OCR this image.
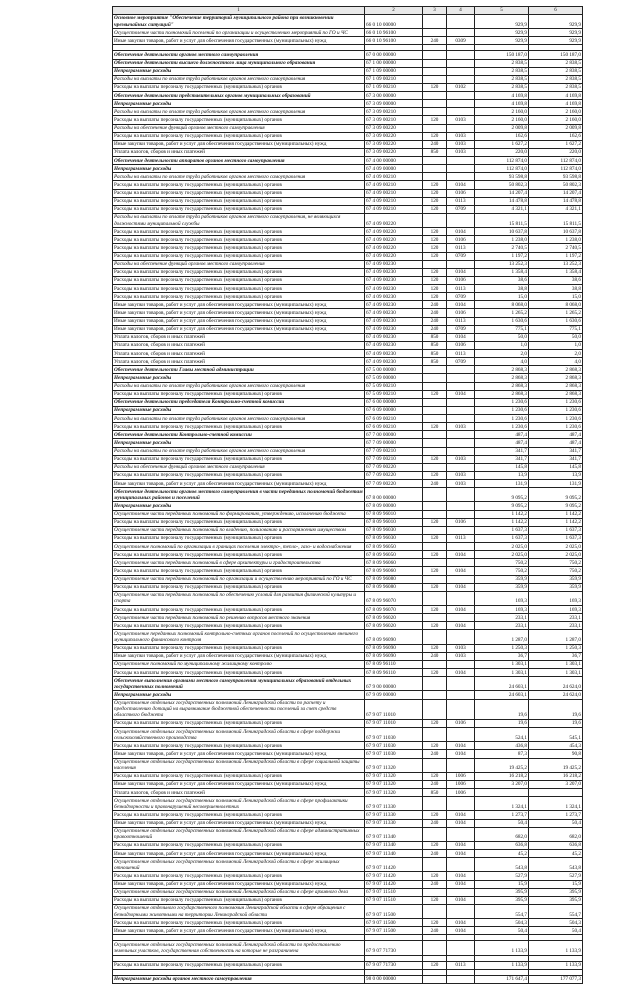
1	2	3	4	5	6
Основное мероприятие "Обеспечение территорий муниципального района при возникновении чрезвычайных ситуаций"	66 0 10 00000			929,9	929,9
Осуществление части полномочий поселений по организации и осуществлению мероприятий по ГО и ЧС	66 0 10 96100			929,9	929,9
Иные закупки товаров, работ и услуг для обеспечения государственных (муниципальных) нужд	66 0 10 96100	240	0309	929,9	929,9

Обеспечение деятельности органов местного самоуправления	67 0 00 00000			150 187,0	150 187,0
Обеспечение деятельности высшего должностного лица муниципального образования	67 1 00 00000			2 838,5	2 838,5
Непрограммные расходы	67 1 09 00000			2 838,5	2 838,5
Расходы на выплаты по оплате труда работников органов местного самоуправления	67 1 09 00210			2 838,5	2 838,5
Расходы на выплаты персоналу государственных (муниципальных) органов	67 1 09 00210	120	0102	2 838,5	2 838,5
Обеспечение деятельности представительных органов муниципальных образований	67 3 00 00000			4 169,8	4 169,8
Непрограммные расходы	67 3 09 00000			4 169,8	4 169,8
Расходы на выплаты по оплате труда работников органов местного самоуправления	67 3 09 00210			2 160,0	2 160,0
Расходы на выплаты персоналу государственных (муниципальных) органов	67 3 09 00210	120	0103	2 160,0	2 160,0
Расходы на обеспечение функций органов местного самоуправления	67 3 09 00220			2 009,8	2 009,8
Расходы на выплаты персоналу государственных (муниципальных) органов	67 3 09 00220	120	0103	162,6	162,6
Иные закупки товаров, работ и услуг для обеспечения государственных (муниципальных) нужд	67 3 09 00220	240	0103	1 627,2	1 627,2
Уплата налогов, сборов и иных платежей	67 3 09 00220	850	0103	220,0	220,0
Обеспечение деятельности аппаратов органов местного самоуправления	67 4 00 00000			112 874,0	112 874,0
Непрограммные расходы	67 4 09 00000			112 874,0	112 874,0
Расходы на выплаты по оплате труда работников органов местного самоуправления	67 4 09 00210			93 598,8	93 598,8
Расходы на выплаты персоналу государственных (муниципальных) органов	67 4 09 00210	120	0104	50 802,3	50 802,3
Расходы на выплаты персоналу государственных (муниципальных) органов	67 4 09 00210	120	0106	14 207,4	14 207,4
Расходы на выплаты персоналу государственных (муниципальных) органов	67 4 09 00210	120	0113	14 478,8	14 478,8
Расходы на выплаты персоналу государственных (муниципальных) органов	67 4 09 00210	120	0709	4 321,1	4 321,1
Расходы на выплаты по оплате труда работников органов местного самоуправления, не являющихся должностями муниципальной службы	67 4 09 00220			15 811,5	15 811,5
Расходы на выплаты персоналу государственных (муниципальных) органов	67 4 09 00220	120	0104	10 637,8	10 637,8
Расходы на выплаты персоналу государственных (муниципальных) органов	67 4 09 00220	120	0106	1 238,0	1 238,0
Расходы на выплаты персоналу государственных (муниципальных) органов	67 4 09 00220	120	0113	2 740,5	2 740,5
Расходы на выплаты персоналу государственных (муниципальных) органов	67 4 09 00220	120	0709	1 197,2	1 197,2
Расходы на обеспечение функций органов местного самоуправления	67 4 09 00230			13 252,3	13 252,3
Расходы на выплаты персоналу государственных (муниципальных) органов	67 4 09 00230	120	0104	1 358,4	1 358,4
Расходы на выплаты персоналу государственных (муниципальных) органов	67 4 09 00230	120	0106	38,6	38,6
Расходы на выплаты персоналу государственных (муниципальных) органов	67 4 09 00230	120	0113	38,8	38,8
Расходы на выплаты персоналу государственных (муниципальных) органов	67 4 09 00230	120	0709	15,0	15,0
Иные закупки товаров, работ и услуг для обеспечения государственных (муниципальных) нужд	67 4 09 00230	240	0104	8 068,0	8 068,0
Иные закупки товаров, работ и услуг для обеспечения государственных (муниципальных) нужд	67 4 09 00230	240	0106	1 265,2	1 265,2
Иные закупки товаров, работ и услуг для обеспечения государственных (муниципальных) нужд	67 4 09 00230	240	0113	1 630,6	1 630,6
Иные закупки товаров, работ и услуг для обеспечения государственных (муниципальных) нужд	67 4 09 00230	240	0709	775,1	775,1
Уплата налогов, сборов и иных платежей	67 4 09 00230	850	0104	50,0	50,0
Уплата налогов, сборов и иных платежей	67 4 09 00230	850	0106	1,0	1,0
Уплата налогов, сборов и иных платежей	67 4 09 00230	850	0113	2,0	2,0
Уплата налогов, сборов и иных платежей	67 4 09 00230	850	0709	4,0	4,0
Обеспечение деятельности Главы местной администрации	67 5 00 00000			2 868,3	2 868,3
Непрограммные расходы	67 5 09 00000			2 868,3	2 868,3
Расходы на выплаты по оплате труда работников органов местного самоуправления	67 5 09 00210			2 868,3	2 868,3
Расходы на выплаты персоналу государственных (муниципальных) органов	67 5 09 00210	120	0104	2 868,3	2 868,3
Обеспечение деятельности председателя Контрольно-счетной комиссии	67 6 00 00000			1 230,6	1 230,6
Непрограммные расходы	67 6 09 00000			1 230,6	1 230,6
Расходы на выплаты по оплате труда работников органов местного самоуправления	67 6 09 00210			1 230,6	1 230,6
Расходы на выплаты персоналу государственных (муниципальных) органов	67 6 09 00210	120	0103	1 230,6	1 230,6
Обеспечение деятельности Контрольно-счетной комиссии	67 7 00 00000			487,4	487,4
Непрограммные расходы	67 7 09 00000			487,4	487,4
Расходы на выплаты по оплате труда работников органов местного самоуправления	67 7 09 00210			341,7	341,7
Расходы на выплаты персоналу государственных (муниципальных) органов	67 7 09 00210	120	0103	341,7	341,7
Расходы на обеспечение функций органов местного самоуправления	67 7 09 00220			145,8	145,8
Расходы на выплаты персоналу государственных (муниципальных) органов	67 7 09 00220	120	0103	13,9	13,9
Иные закупки товаров, работ и услуг для обеспечения государственных (муниципальных) нужд	67 7 09 00220	240	0103	131,9	131,9
Обеспечение деятельности органов местного самоуправления в части переданных полномочий бюджетам муниципальных районов и поселений	67 8 00 00000			9 095,2	9 095,2
Непрограммные расходы	67 8 09 00000			9 095,2	9 095,2
Осуществление части переданных полномочий по формированию, утверждению, исполнению бюджета	67 8 09 96010			1 142,2	1 142,2
Расходы на выплаты персоналу государственных (муниципальных) органов	67 8 09 96010	120	0106	1 142,2	1 142,2
Осуществление части переданных полномочий по владению, пользованию и распоряжению имуществом	67 8 09 96030			1 637,3	1 637,3
Расходы на выплаты персоналу государственных (муниципальных) органов	67 8 09 96030	120	0113	1 637,3	1 637,3
Осуществление полномочий по организации в границах поселения электро-, тепло-, газо- и водоснабжения	67 8 09 96050			2 025,0	2 025,0
Расходы на выплаты персоналу государственных (муниципальных) органов	67 8 09 96050	120	0104	2 025,0	2 025,0
Осуществление части переданных полномочий в сфере архитектуры и градостроительства	67 8 09 96060			750,2	750,2
Расходы на выплаты персоналу государственных (муниципальных) органов	67 8 09 96060	120	0104	750,2	750,2
Осуществление части переданных полномочий по организации и осуществлению мероприятий по ГО и ЧС	67 8 09 96080			359,9	359,9
Расходы на выплаты персоналу государственных (муниципальных) органов	67 8 09 96080	120	0104	359,9	359,9
Осуществление части переданных полномочий по обеспечению условий для развития физической культуры и спорта	67 8 09 96070			169,3	169,3
Расходы на выплаты персоналу государственных (муниципальных) органов	67 8 09 96070	120	0104	169,3	169,3
Осуществление части переданных полномочий по решению вопросов местного значения	67 8 09 96020			233,1	233,1
Расходы на выплаты персоналу государственных (муниципальных) органов	67 8 09 96020	120	0104	233,1	233,1
Осуществление переданных полномочий контрольно-счетных органов поселений по осуществлению внешнего муниципального финансового контроля	67 8 09 96090			1 287,0	1 287,0
Расходы на выплаты персоналу государственных (муниципальных) органов	67 8 09 96090	120	0103	1 250,3	1 250,3
Иные закупки товаров, работ и услуг для обеспечения государственных (муниципальных) нужд	67 8 09 96090	240	0103	36,7	36,7
Осуществление полномочий по муниципальному жилищному контролю	67 8 09 96110			1 303,1	1 303,1
Расходы на выплаты персоналу государственных (муниципальных) органов	67 8 09 96110	120	0104	1 303,1	1 303,1
Обеспечение выполнения органами местного самоуправления муниципальных образований отдельных государственных полномочий	67 9 00 00000			24 603,1	24 624,0
Непрограммные расходы	67 9 09 00000			24 603,1	24 624,0
Осуществление отдельных государственных полномочий Ленинградской области по расчету и предоставлению дотаций на выравнивание бюджетной обеспеченности поселений за счет средств областного бюджета	67 9 07 11010			19,6	19,6
Расходы на выплаты персоналу государственных (муниципальных) органов	67 9 07 11010	120	0106	19,6	19,6
Осуществление отдельных государственных полномочий Ленинградской области в сфере поддержки сельскохозяйственного производства	67 9 07 11030			524,1	545,1
Расходы на выплаты персоналу государственных (муниципальных) органов	67 9 07 11030	120	0104	436,8	454,3
Иные закупки товаров, работ и услуг для обеспечения государственных (муниципальных) нужд	67 9 07 11030	240	0104	87,3	90,8
Осуществление отдельных государственных полномочий Ленинградской области в сфере социальной защиты населения	67 9 07 11320			19 425,2	19 425,2
Расходы на выплаты персоналу государственных (муниципальных) органов	67 9 07 11320	120	1006	16 218,2	16 218,2
Иные закупки товаров, работ и услуг для обеспечения государственных (муниципальных) нужд	67 9 07 11320	240	1006	3 207,0	3 207,0
Уплата налогов, сборов и иных платежей	67 9 07 11320	850	1006		
Осуществление отдельных государственных полномочий Ленинградской области в сфере профилактики безнадзорности и правонарушений несовершеннолетних	67 9 07 11330			1 324,1	1 324,1
Расходы на выплаты персоналу государственных (муниципальных) органов	67 9 07 11330	120	0104	1 273,7	1 273,7
Иные закупки товаров, работ и услуг для обеспечения государственных (муниципальных) нужд	67 9 07 11330	240	0104	50,4	50,4
Осуществление отдельных государственных полномочий Ленинградской области в сфере административных правоотношений	67 9 07 11340			682,0	682,0
Расходы на выплаты персоналу государственных (муниципальных) органов	67 9 07 11340	120	0104	636,8	636,8
Иные закупки товаров, работ и услуг для обеспечения государственных (муниципальных) нужд	67 9 07 11340	240	0104	45,2	45,2
Осуществление отдельных государственных полномочий Ленинградской области в сфере жилищных отношений	67 9 07 11420			543,8	543,8
Расходы на выплаты персоналу государственных (муниципальных) органов	67 9 07 11420	120	0104	527,9	527,9
Иные закупки товаров, работ и услуг для обеспечения государственных (муниципальных) нужд	67 9 07 11420	240	0104	15,9	15,9
Осуществление отдельных государственных полномочий Ленинградской области в сфере архивного дела	67 9 07 11510			395,9	395,9
Расходы на выплаты персоналу государственных (муниципальных) органов	67 9 07 11510	120	0104	395,9	395,9
Осуществление отдельного государственного полномочия Ленинградской области в сфере обращения с безнадзорными животными на территории Ленинградской области	67 9 07 11500			554,7	554,7
Расходы на выплаты персоналу государственных (муниципальных) органов	67 9 07 11500	120	0104	504,3	504,3
Иные закупки товаров, работ и услуг для обеспечения государственных (муниципальных) нужд	67 9 07 11500	240	0104	50,4	50,4

Осуществление отдельных государственных полномочий Ленинградской области по предоставлению земельных участков, государственная собственность на которые не разграничена	67 9 07 71730			1 133,9	1 133,9

Расходы на выплаты персоналу государственных (муниципальных) органов	67 9 07 71730	120	0113	1 133,9	1 133,9

Непрограммные расходы органов местного самоуправления	98 0 00 00000			171 647,4	177 077,3
